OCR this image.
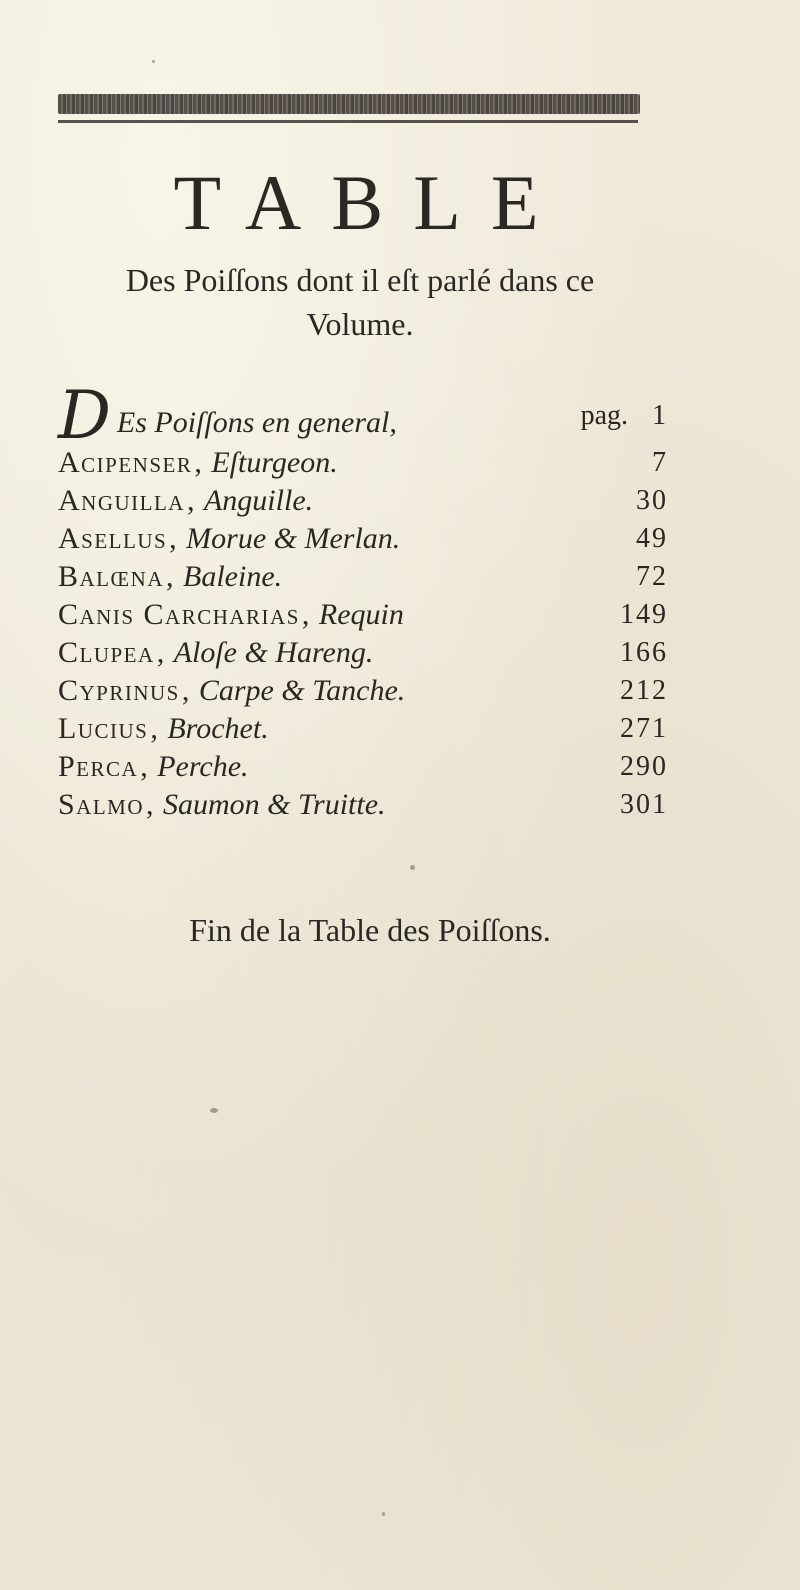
TABLE
Des Poiſſons dont il eſt parlé dans ce
Volume.
D Es Poiſſons en general,	pag. 1
Acipenser, Eſturgeon.	7
Anguilla, Anguille.	30
Asellus, Morue & Merlan.	49
Balœna, Baleine.	72
Canis Carcharias, Requin	149
Clupea, Aloſe & Hareng.	166
Cyprinus, Carpe & Tanche.	212
Lucius, Brochet.	271
Perca, Perche.	290
Salmo, Saumon & Truitte.	301
Fin de la Table des Poiſſons.
